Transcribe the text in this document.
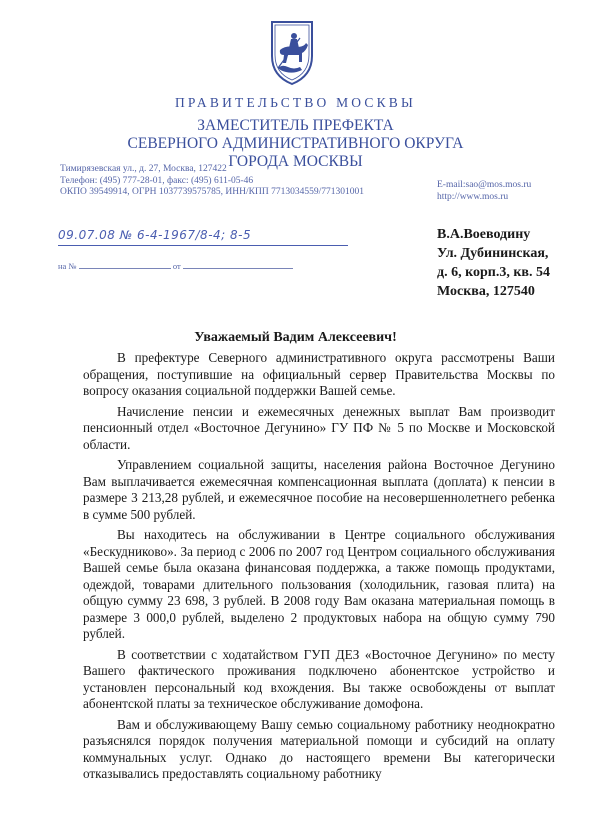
ПРАВИТЕЛЬСТВО МОСКВЫ
ЗАМЕСТИТЕЛЬ ПРЕФЕКТА
СЕВЕРНОГО АДМИНИСТРАТИВНОГО ОКРУГА
ГОРОДА МОСКВЫ
Тимирязевская ул., д. 27, Москва, 127422
Телефон: (495) 777-28-01, факс: (495) 611-05-46
ОКПО 39549914, ОГРН 1037739575785, ИНН/КПП 7713034559/771301001
E-mail:sao@mos.mos.ru
http://www.mos.ru
09.07.08 № 6-4-1967/8-4; 8-5
на №	от
В.А.Воеводину
Ул. Дубининская,
д. 6, корп.3, кв. 54
Москва, 127540
Уважаемый Вадим Алексеевич!

В префектуре Северного административного округа рассмотрены Ваши обращения, поступившие на официальный сервер Правительства Москвы по вопросу оказания социальной поддержки Вашей семье.

Начисление пенсии и ежемесячных денежных выплат Вам производит пенсионный отдел «Восточное Дегунино» ГУ ПФ № 5 по Москве и Московской области.

Управлением социальной защиты, населения района Восточное Дегунино Вам выплачивается ежемесячная компенсационная выплата (доплата) к пенсии в размере 3 213,28 рублей, и ежемесячное пособие на несовершеннолетнего ребенка в сумме 500 рублей.

Вы находитесь на обслуживании в Центре социального обслуживания «Бескудниково». За период с 2006 по 2007 год Центром социального обслуживания Вашей семье была оказана финансовая поддержка, а также помощь продуктами, одеждой, товарами длительного пользования (холодильник, газовая плита) на общую сумму 23 698, 3 рублей. В 2008 году Вам оказана материальная помощь в размере 3 000,0 рублей, выделено 2 продуктовых набора на общую сумму 790 рублей.

В соответствии с ходатайством ГУП ДЕЗ «Восточное Дегунино» по месту Вашего фактического проживания подключено абонентское устройство и установлен персональный код вхождения. Вы также освобождены от выплат абонентской платы за техническое обслуживание домофона.

Вам и обслуживающему Вашу семью социальному работнику неоднократно разъяснялся порядок получения материальной помощи и субсидий на оплату коммунальных услуг. Однако до настоящего времени Вы категорически отказывались предоставлять социальному работнику
